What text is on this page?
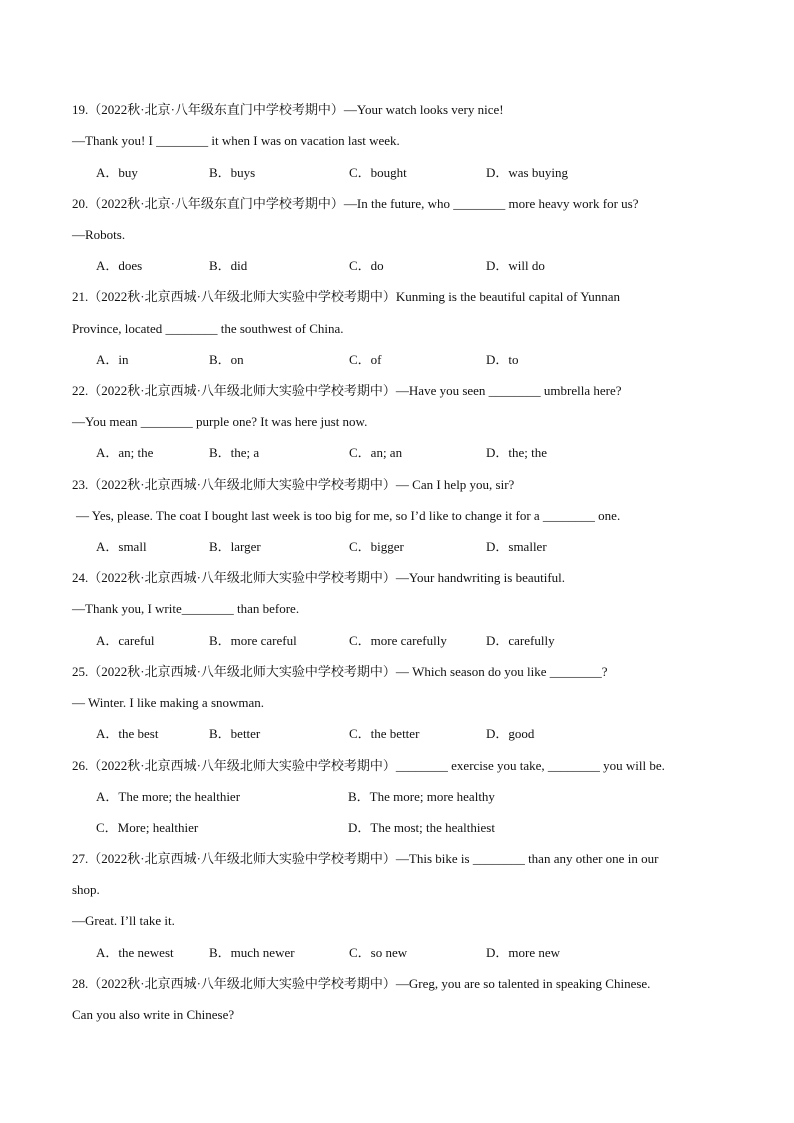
19.（2022秋·北京·八年级东直门中学校考期中）—Your watch looks very nice!
—Thank you! I ________ it when I was on vacation last week.
A．buy	B．buys	C．bought	D．was buying
20.（2022秋·北京·八年级东直门中学校考期中）—In the future, who ________ more heavy work for us?
—Robots.
A．does	B．did	C．do	D．will do
21.（2022秋·北京西城·八年级北师大实验中学校考期中）Kunming is the beautiful capital of Yunnan
Province, located ________ the southwest of China.
A．in	B．on	C．of	D．to
22.（2022秋·北京西城·八年级北师大实验中学校考期中）—Have you seen ________ umbrella here?
—You mean ________ purple one? It was here just now.
A．an; the	B．the; a	C．an; an	D．the; the
23.（2022秋·北京西城·八年级北师大实验中学校考期中）— Can I help you, sir?
— Yes, please. The coat I bought last week is too big for me, so I’d like to change it for a ________ one.
A．small	B．larger	C．bigger	D．smaller
24.（2022秋·北京西城·八年级北师大实验中学校考期中）—Your handwriting is beautiful.
—Thank you, I write________ than before.
A．careful	B．more careful	C．more carefully	D．carefully
25.（2022秋·北京西城·八年级北师大实验中学校考期中）— Which season do you like ________?
— Winter. I like making a snowman.
A．the best	B．better	C．the better	D．good
26.（2022秋·北京西城·八年级北师大实验中学校考期中）________ exercise you take, ________ you will be.
A．The more; the healthier	B．The more; more healthy
C．More; healthier	D．The most; the healthiest
27.（2022秋·北京西城·八年级北师大实验中学校考期中）—This bike is ________ than any other one in our
shop.
—Great. I’ll take it.
A．the newest	B．much newer	C．so new	D．more new
28.（2022秋·北京西城·八年级北师大实验中学校考期中）—Greg, you are so talented in speaking Chinese.
Can you also write in Chinese?
